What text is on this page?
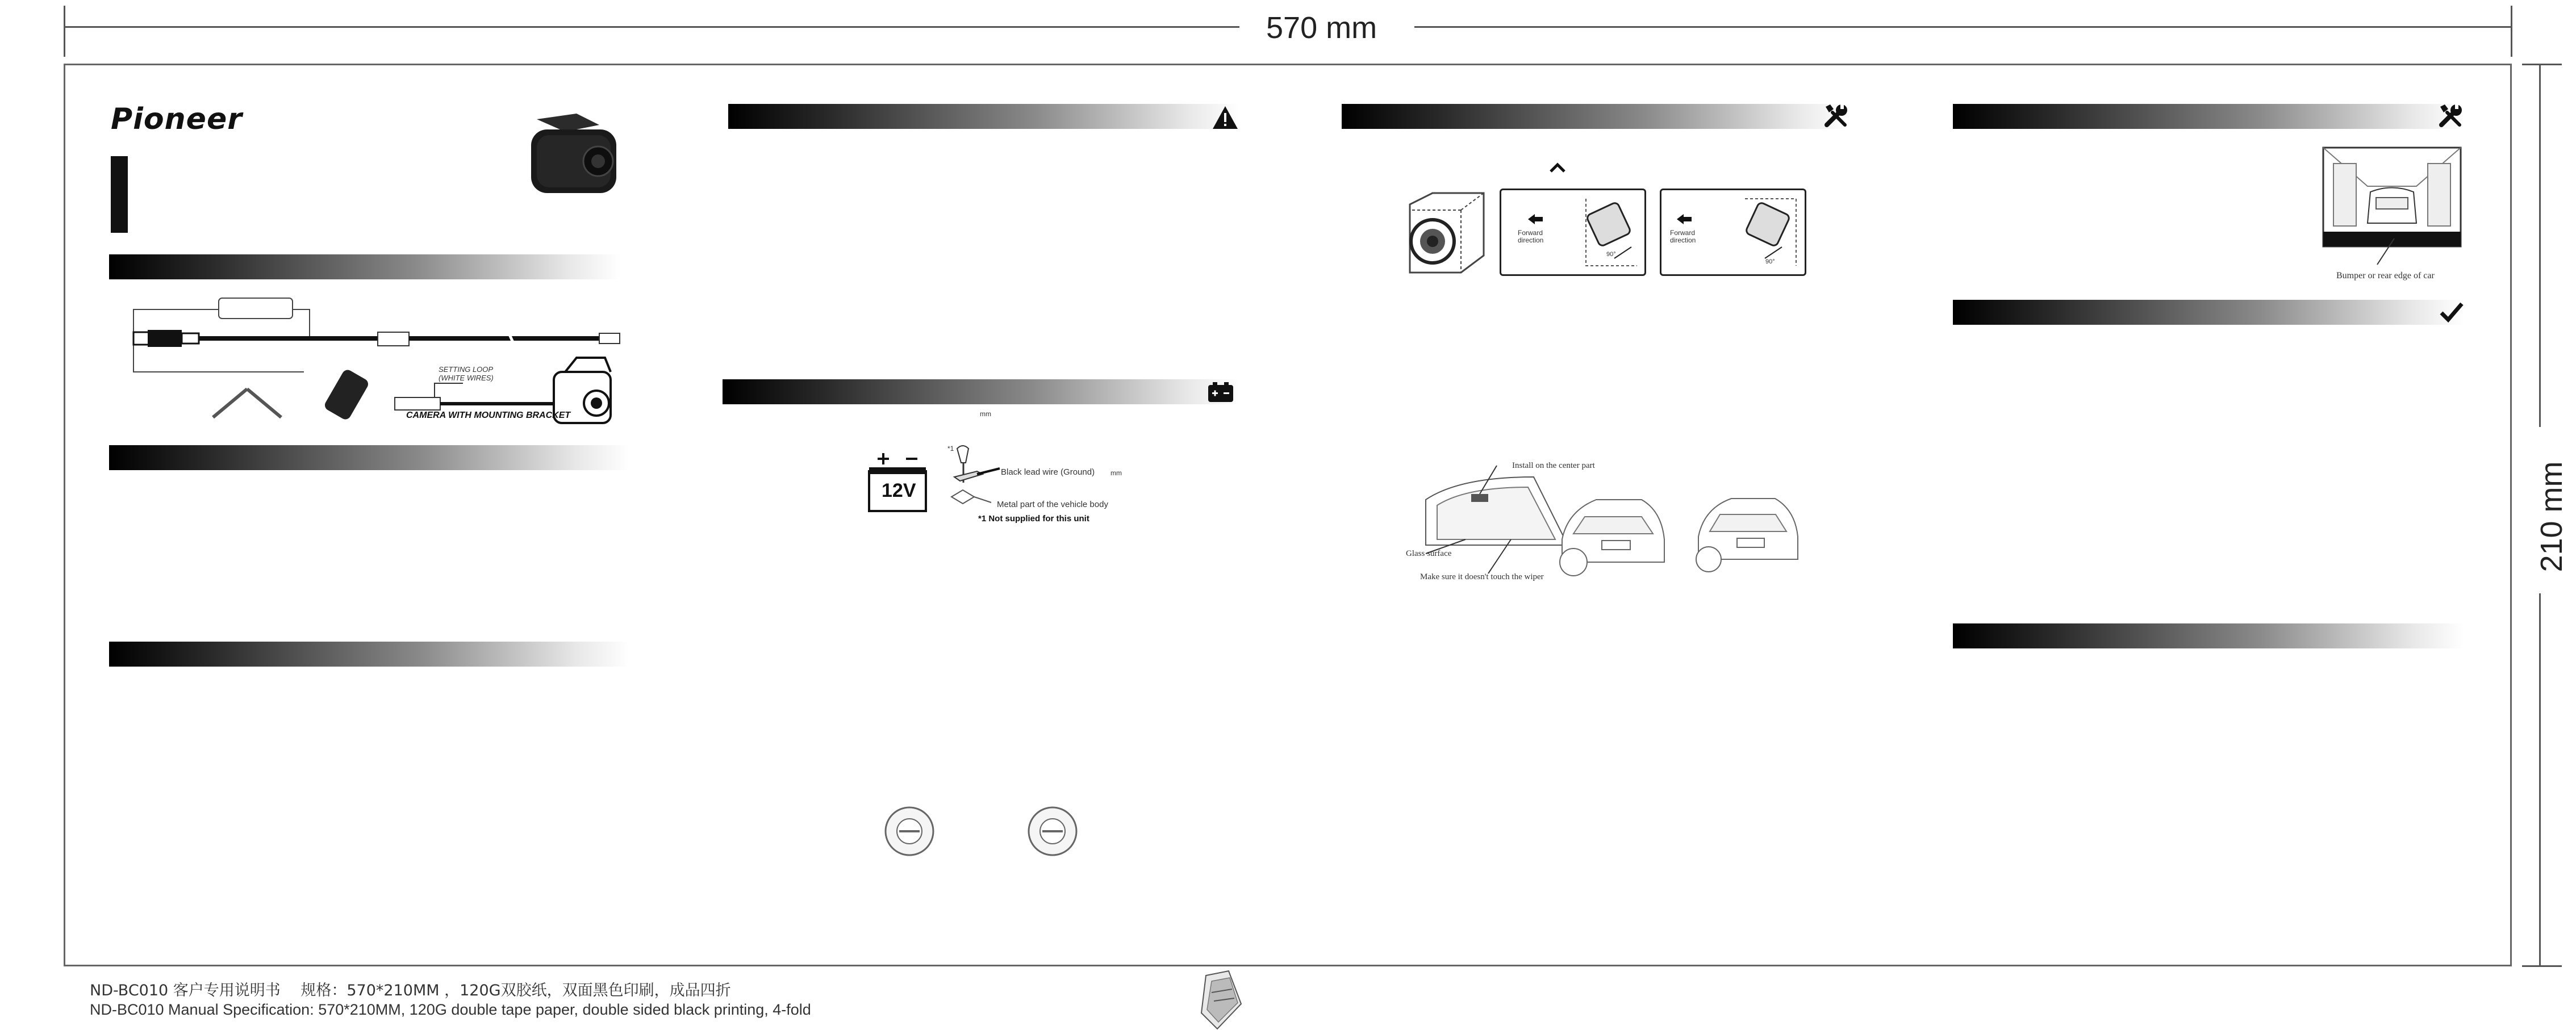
570 mm
210 mm
Pioneer
SETTING LOOP
(WHITE WIRES)
CAMERA WITH MOUNTING BRACKET	mm
12V
*1
Black lead wire (Ground) mm
Metal part of the vehicle body
*1 Not supplied for this unit
Forward direction
90°
Forward direction
90°
Install on the center part
Glass surface
Make sure it doesn't touch the wiper
Bumper or rear edge of car
ND-BC010 客户专用说明书　 规格：570*210MM ，120G双胶纸，双面黑色印刷，成品四折
ND-BC010 Manual Specification: 570*210MM, 120G double tape paper, double sided black printing, 4-fold
